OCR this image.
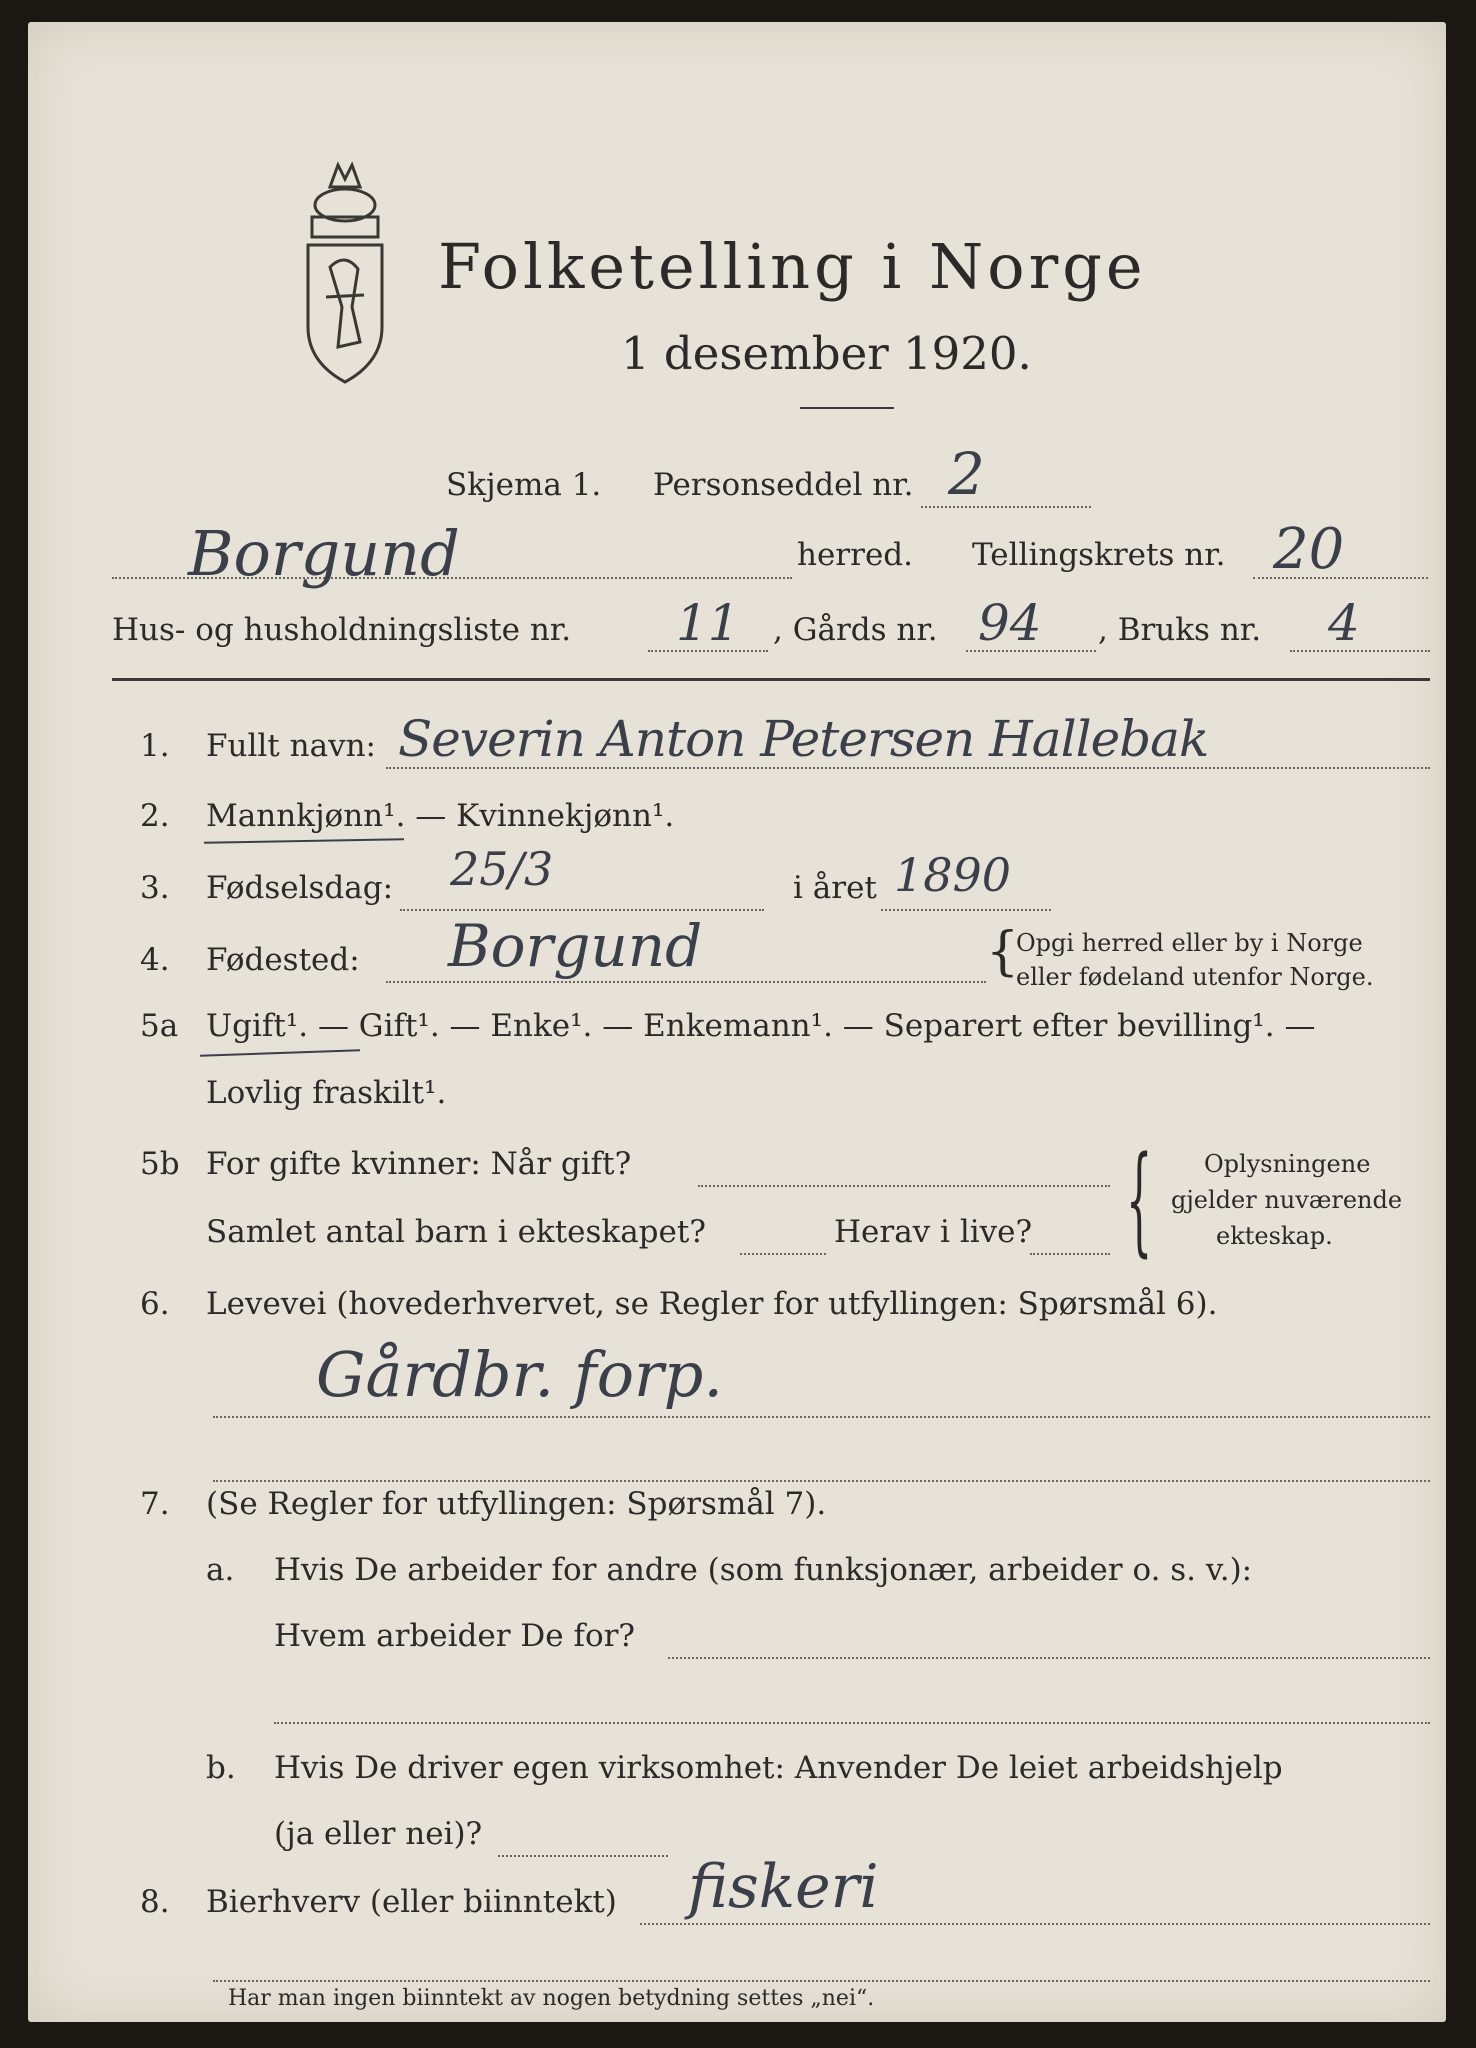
Folketelling i Norge
1 desember 1920.
Skjema 1. Personseddel nr. 2
Borgund	herred. Tellingskrets nr. 20
Hus- og husholdningsliste nr. 11 , Gårds nr. 94 , Bruks nr. 4
1. Fullt navn: Severin Anton Petersen Hallebak
2. Mannkjønn¹. — Kvinnekjønn¹.
3. Fødselsdag: 25/3	i året 1890
4. Fødested: Borgund	{
Opgi herred eller by i Norge
eller fødeland utenfor Norge.
5a Ugift¹. — Gift¹. — Enke¹. — Enkemann¹. — Separert efter bevilling¹. —
Lovlig fraskilt¹.
5b For gifte kvinner: Når gift?
Samlet antal barn i ekteskapet?	Herav i live? { Oplysningene
gjelder nuværende
ekteskap.
6. Levevei (hovederhvervet, se Regler for utfyllingen: Spørsmål 6).
Gårdbr. forp.
7. (Se Regler for utfyllingen: Spørsmål 7).
a. Hvis De arbeider for andre (som funksjonær, arbeider o. s. v.):
Hvem arbeider De for?
b. Hvis De driver egen virksomhet: Anvender De leiet arbeidshjelp
(ja eller nei)?
8. Bierhverv (eller biinntekt) fiskeri
Har man ingen biinntekt av nogen betydning settes „nei“.
